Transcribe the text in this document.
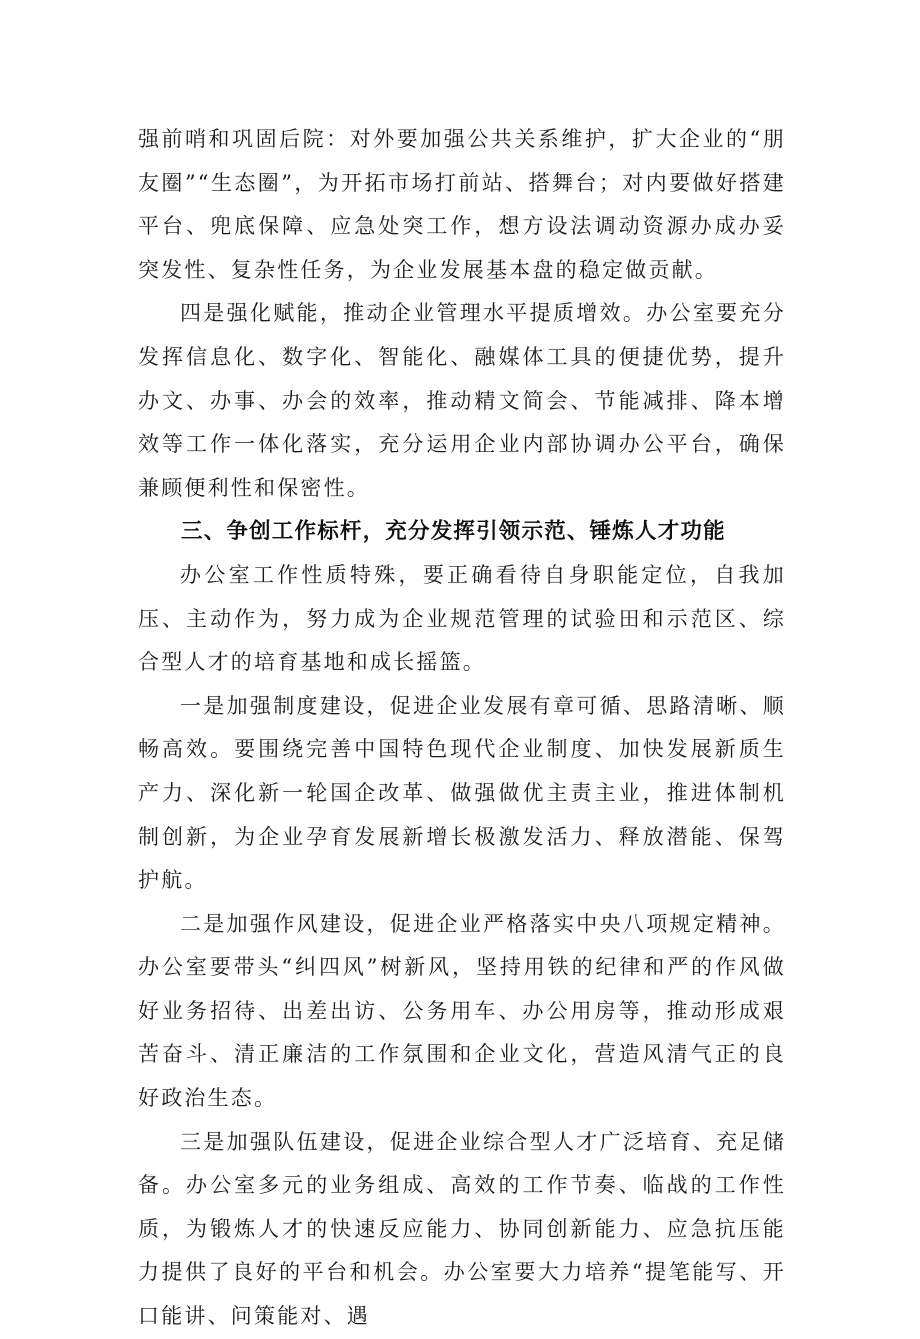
强前哨和巩固后院：对外要加强公共关系维护，扩大企业的“朋友圈”“生态圈”，为开拓市场打前站、搭舞台；对内要做好搭建平台、兜底保障、应急处突工作，想方设法调动资源办成办妥突发性、复杂性任务，为企业发展基本盘的稳定做贡献。

四是强化赋能，推动企业管理水平提质增效。办公室要充分发挥信息化、数字化、智能化、融媒体工具的便捷优势，提升办文、办事、办会的效率，推动精文简会、节能减排、降本增效等工作一体化落实，充分运用企业内部协调办公平台，确保兼顾便利性和保密性。

三、争创工作标杆，充分发挥引领示范、锤炼人才功能

办公室工作性质特殊，要正确看待自身职能定位，自我加压、主动作为，努力成为企业规范管理的试验田和示范区、综合型人才的培育基地和成长摇篮。

一是加强制度建设，促进企业发展有章可循、思路清晰、顺畅高效。要围绕完善中国特色现代企业制度、加快发展新质生产力、深化新一轮国企改革、做强做优主责主业，推进体制机制创新，为企业孕育发展新增长极激发活力、释放潜能、保驾护航。

二是加强作风建设，促进企业严格落实中央八项规定精神。办公室要带头“纠四风”树新风，坚持用铁的纪律和严的作风做好业务招待、出差出访、公务用车、办公用房等，推动形成艰苦奋斗、清正廉洁的工作氛围和企业文化，营造风清气正的良好政治生态。

三是加强队伍建设，促进企业综合型人才广泛培育、充足储备。办公室多元的业务组成、高效的工作节奏、临战的工作性质，为锻炼人才的快速反应能力、协同创新能力、应急抗压能力提供了良好的平台和机会。办公室要大力培养“提笔能写、开口能讲、问策能对、遇
